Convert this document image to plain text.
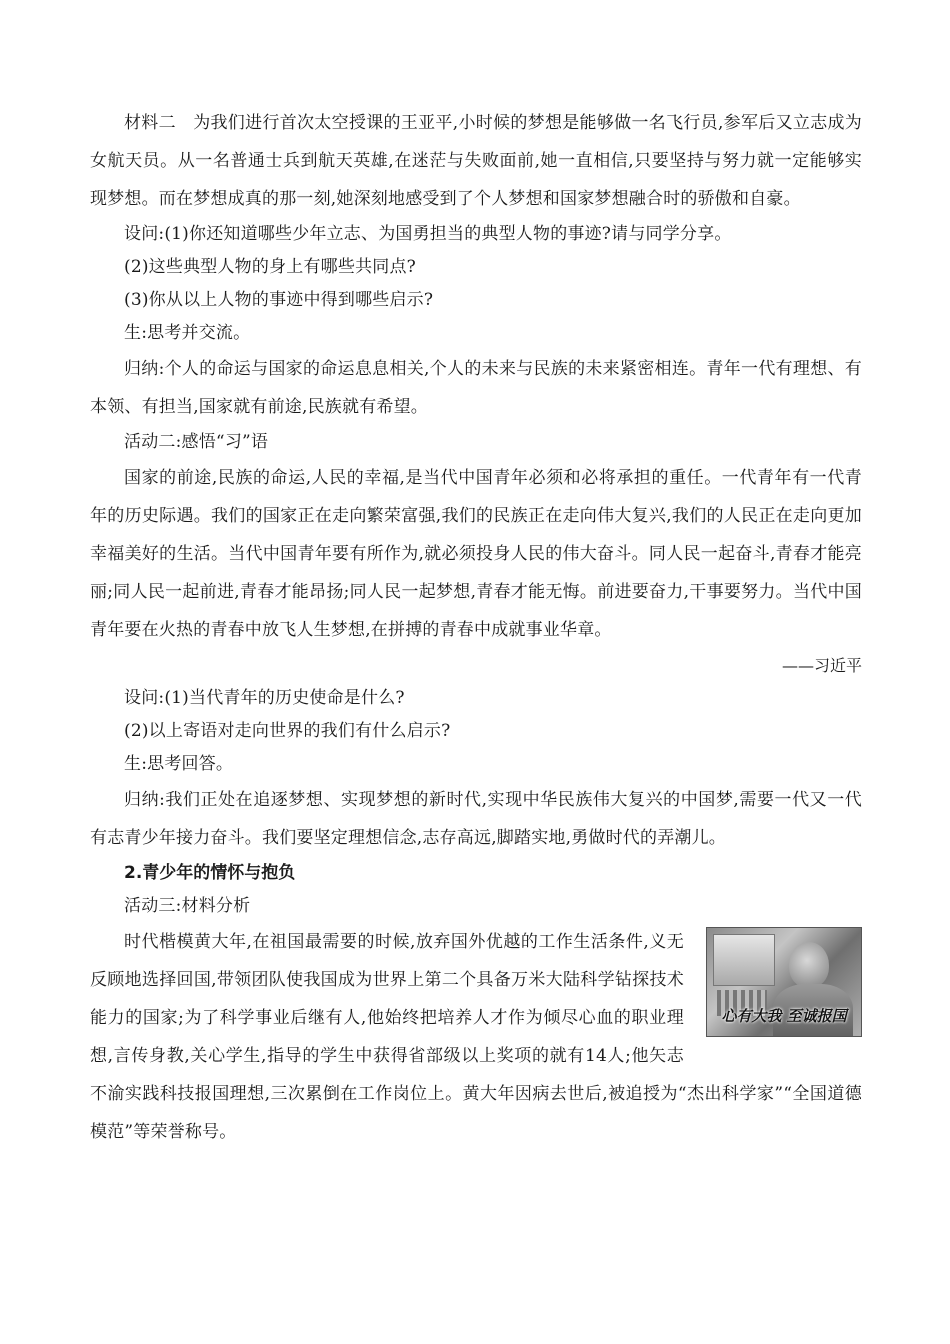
材料二　为我们进行首次太空授课的王亚平,小时候的梦想是能够做一名飞行员,参军后又立志成为女航天员。从一名普通士兵到航天英雄,在迷茫与失败面前,她一直相信,只要坚持与努力就一定能够实现梦想。而在梦想成真的那一刻,她深刻地感受到了个人梦想和国家梦想融合时的骄傲和自豪。

设问:(1)你还知道哪些少年立志、为国勇担当的典型人物的事迹?请与同学分享。

(2)这些典型人物的身上有哪些共同点?

(3)你从以上人物的事迹中得到哪些启示?

生:思考并交流。

归纳:个人的命运与国家的命运息息相关,个人的未来与民族的未来紧密相连。青年一代有理想、有本领、有担当,国家就有前途,民族就有希望。

活动二:感悟“习”语

国家的前途,民族的命运,人民的幸福,是当代中国青年必须和必将承担的重任。一代青年有一代青年的历史际遇。我们的国家正在走向繁荣富强,我们的民族正在走向伟大复兴,我们的人民正在走向更加幸福美好的生活。当代中国青年要有所作为,就必须投身人民的伟大奋斗。同人民一起奋斗,青春才能亮丽;同人民一起前进,青春才能昂扬;同人民一起梦想,青春才能无悔。前进要奋力,干事要努力。当代中国青年要在火热的青春中放飞人生梦想,在拼搏的青春中成就事业华章。

——习近平

设问:(1)当代青年的历史使命是什么?

(2)以上寄语对走向世界的我们有什么启示?

生:思考回答。

归纳:我们正处在追逐梦想、实现梦想的新时代,实现中华民族伟大复兴的中国梦,需要一代又一代有志青少年接力奋斗。我们要坚定理想信念,志存高远,脚踏实地,勇做时代的弄潮儿。

2.青少年的情怀与抱负

活动三:材料分析

心有大我 至诚报国

时代楷模黄大年,在祖国最需要的时候,放弃国外优越的工作生活条件,义无反顾地选择回国,带领团队使我国成为世界上第二个具备万米大陆科学钻探技术能力的国家;为了科学事业后继有人,他始终把培养人才作为倾尽心血的职业理想,言传身教,关心学生,指导的学生中获得省部级以上奖项的就有14人;他矢志不渝实践科技报国理想,三次累倒在工作岗位上。黄大年因病去世后,被追授为“杰出科学家”“全国道德模范”等荣誉称号。
